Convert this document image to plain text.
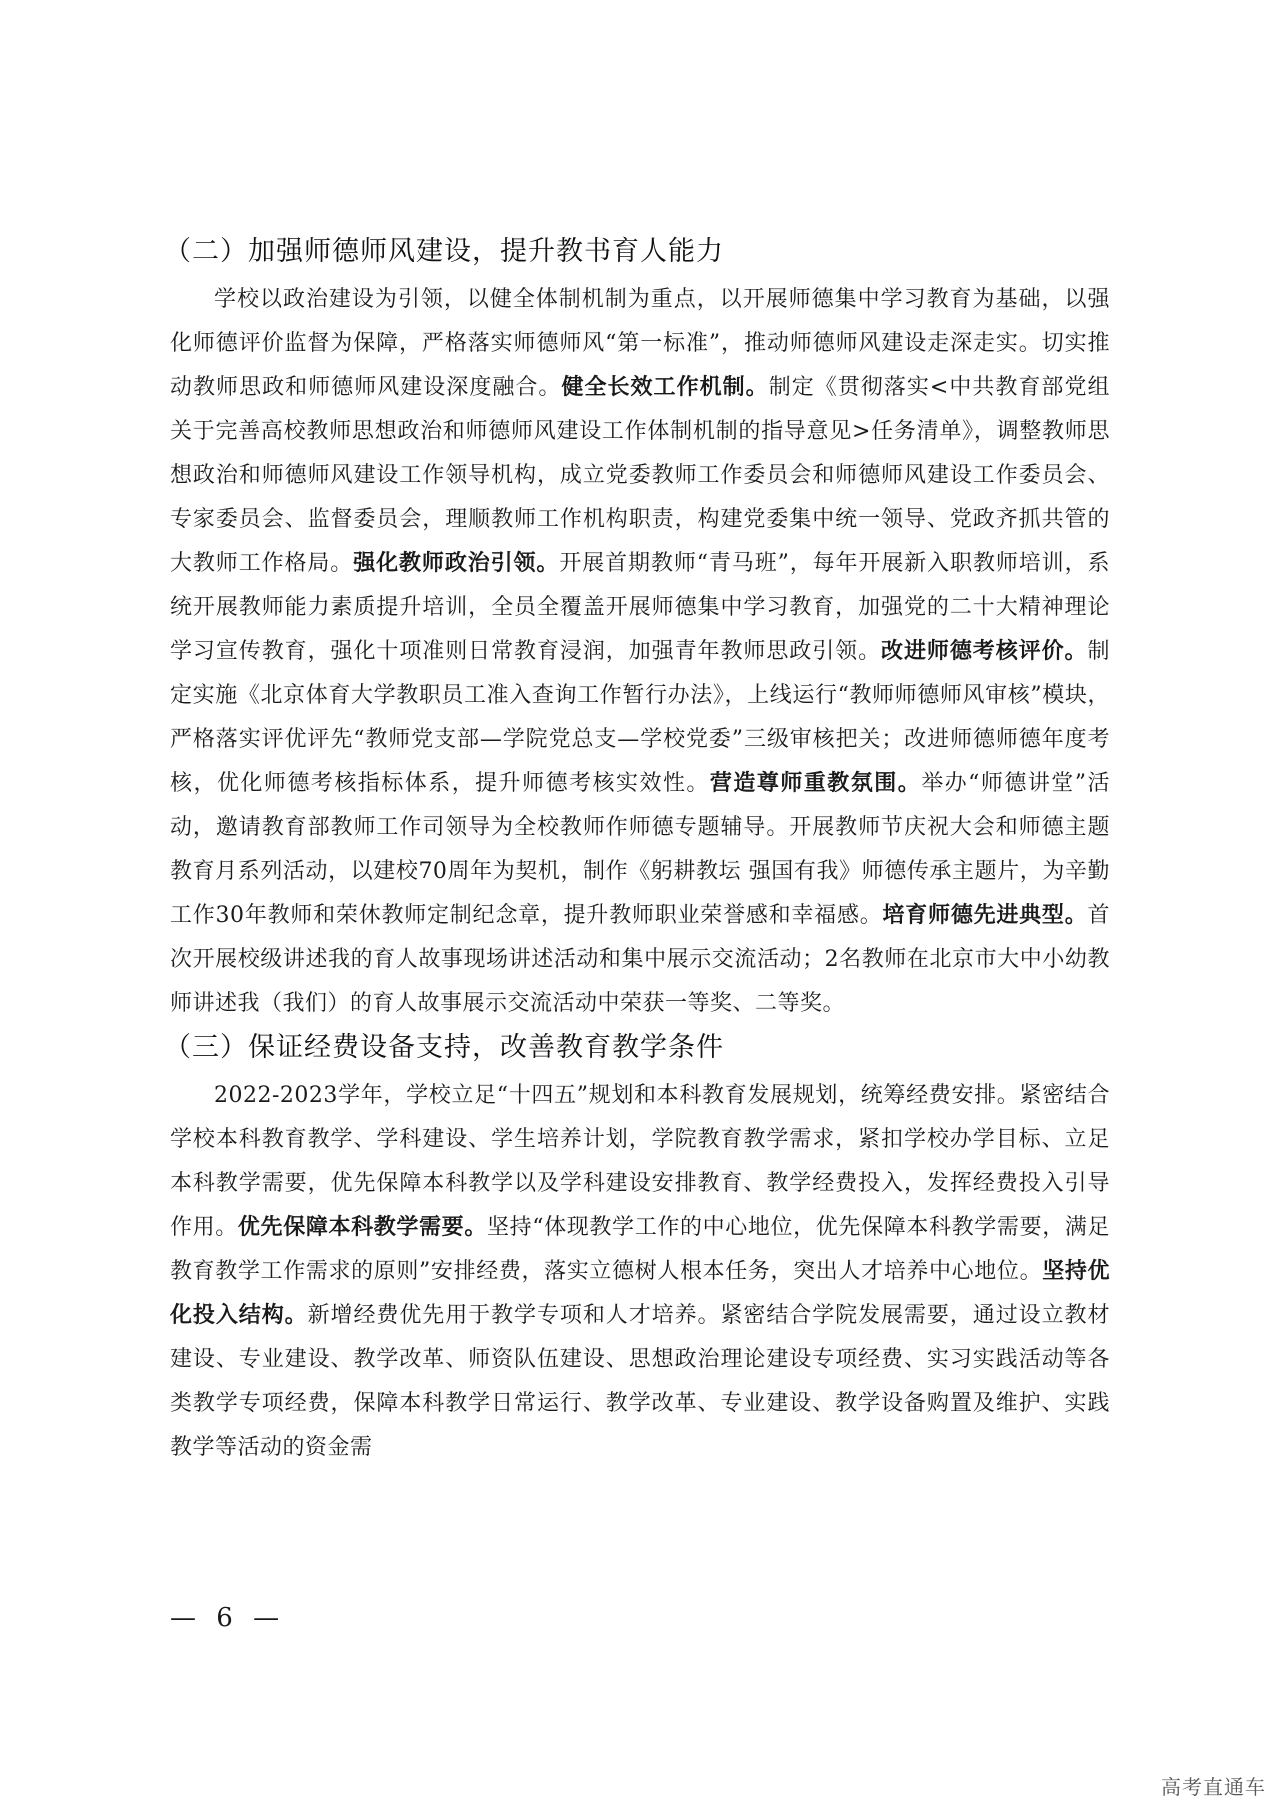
（二）加强师德师风建设，提升教书育人能力

学校以政治建设为引领，以健全体制机制为重点，以开展师德集中学习教育为基础，以强化师德评价监督为保障，严格落实师德师风“第一标准”，推动师德师风建设走深走实。切实推动教师思政和师德师风建设深度融合。健全长效工作机制。制定《贯彻落实<中共教育部党组关于完善高校教师思想政治和师德师风建设工作体制机制的指导意见>任务清单》，调整教师思想政治和师德师风建设工作领导机构，成立党委教师工作委员会和师德师风建设工作委员会、专家委员会、监督委员会，理顺教师工作机构职责，构建党委集中统一领导、党政齐抓共管的大教师工作格局。强化教师政治引领。开展首期教师“青马班”，每年开展新入职教师培训，系统开展教师能力素质提升培训，全员全覆盖开展师德集中学习教育，加强党的二十大精神理论学习宣传教育，强化十项准则日常教育浸润，加强青年教师思政引领。改进师德考核评价。制定实施《北京体育大学教职员工准入查询工作暂行办法》，上线运行“教师师德师风审核”模块，严格落实评优评先“教师党支部—学院党总支—学校党委”三级审核把关；改进师德师德年度考核，优化师德考核指标体系，提升师德考核实效性。营造尊师重教氛围。举办“师德讲堂”活动，邀请教育部教师工作司领导为全校教师作师德专题辅导。开展教师节庆祝大会和师德主题教育月系列活动，以建校70周年为契机，制作《躬耕教坛 强国有我》师德传承主题片，为辛勤工作30年教师和荣休教师定制纪念章，提升教师职业荣誉感和幸福感。培育师德先进典型。首次开展校级讲述我的育人故事现场讲述活动和集中展示交流活动；2名教师在北京市大中小幼教师讲述我（我们）的育人故事展示交流活动中荣获一等奖、二等奖。

（三）保证经费设备支持，改善教育教学条件

2022-2023学年，学校立足“十四五”规划和本科教育发展规划，统筹经费安排。紧密结合学校本科教育教学、学科建设、学生培养计划，学院教育教学需求，紧扣学校办学目标、立足本科教学需要，优先保障本科教学以及学科建设安排教育、教学经费投入，发挥经费投入引导作用。优先保障本科教学需要。坚持“体现教学工作的中心地位，优先保障本科教学需要，满足教育教学工作需求的原则”安排经费，落实立德树人根本任务，突出人才培养中心地位。坚持优化投入结构。新增经费优先用于教学专项和人才培养。紧密结合学院发展需要，通过设立教材建设、专业建设、教学改革、师资队伍建设、思想政治理论建设专项经费、实习实践活动等各类教学专项经费，保障本科教学日常运行、教学改革、专业建设、教学设备购置及维护、实践教学等活动的资金需

— 6 —
高考直通车
